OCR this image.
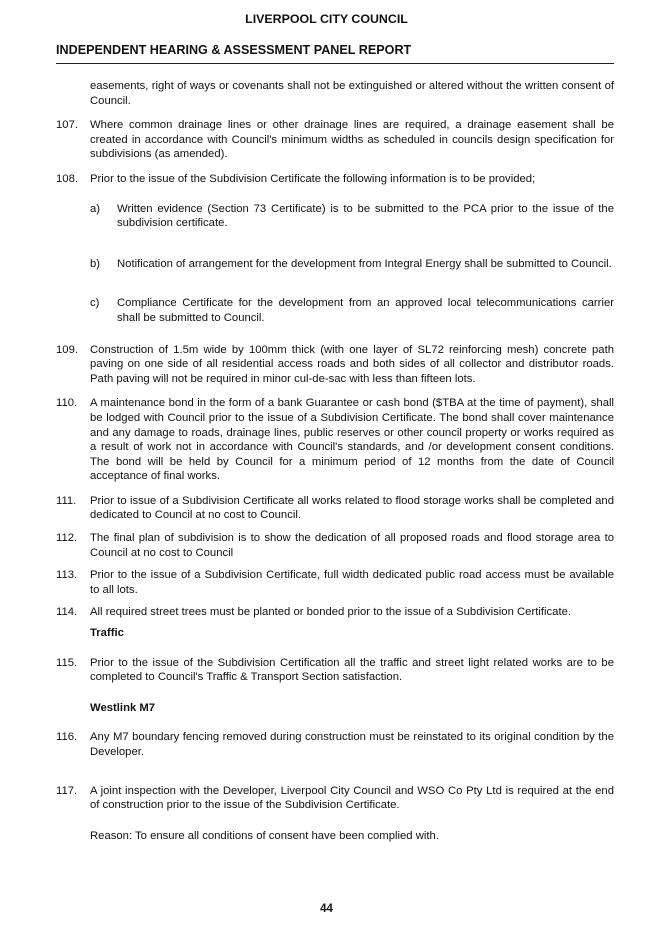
LIVERPOOL CITY COUNCIL
INDEPENDENT HEARING & ASSESSMENT PANEL REPORT

easements, right of ways or covenants shall not be extinguished or altered without the written consent of Council.

107.	Where common drainage lines or other drainage lines are required, a drainage easement shall be created in accordance with Council's minimum widths as scheduled in councils design specification for subdivisions (as amended).
108.	Prior to the issue of the Subdivision Certificate the following information is to be provided;
a)	Written evidence (Section 73 Certificate) is to be submitted to the PCA prior to the issue of the subdivision certificate.
b)	Notification of arrangement for the development from Integral Energy shall be submitted to Council.
c)	Compliance Certificate for the development from an approved local telecommunications carrier shall be submitted to Council.
109.	Construction of 1.5m wide by 100mm thick (with one layer of SL72 reinforcing mesh) concrete path paving on one side of all residential access roads and both sides of all collector and distributor roads. Path paving will not be required in minor cul-de-sac with less than fifteen lots.
110.	A maintenance bond in the form of a bank Guarantee or cash bond ($TBA at the time of payment), shall be lodged with Council prior to the issue of a Subdivision Certificate. The bond shall cover maintenance and any damage to roads, drainage lines, public reserves or other council property or works required as a result of work not in accordance with Council's standards, and /or development consent conditions. The bond will be held by Council for a minimum period of 12 months from the date of Council acceptance of final works.
111.	Prior to issue of a Subdivision Certificate all works related to flood storage works shall be completed and dedicated to Council at no cost to Council.
112.	The final plan of subdivision is to show the dedication of all proposed roads and flood storage area to Council at no cost to Council
113.	Prior to the issue of a Subdivision Certificate, full width dedicated public road access must be available to all lots.
114.	All required street trees must be planted or bonded prior to the issue of a Subdivision Certificate.
Traffic
115.	Prior to the issue of the Subdivision Certification all the traffic and street light related works are to be completed to Council's Traffic & Transport Section satisfaction.
Westlink M7
116.	Any M7 boundary fencing removed during construction must be reinstated to its original condition by the Developer.
117.	A joint inspection with the Developer, Liverpool City Council and WSO Co Pty Ltd is required at the end of construction prior to the issue of the Subdivision Certificate.

Reason: To ensure all conditions of consent have been complied with.

44
